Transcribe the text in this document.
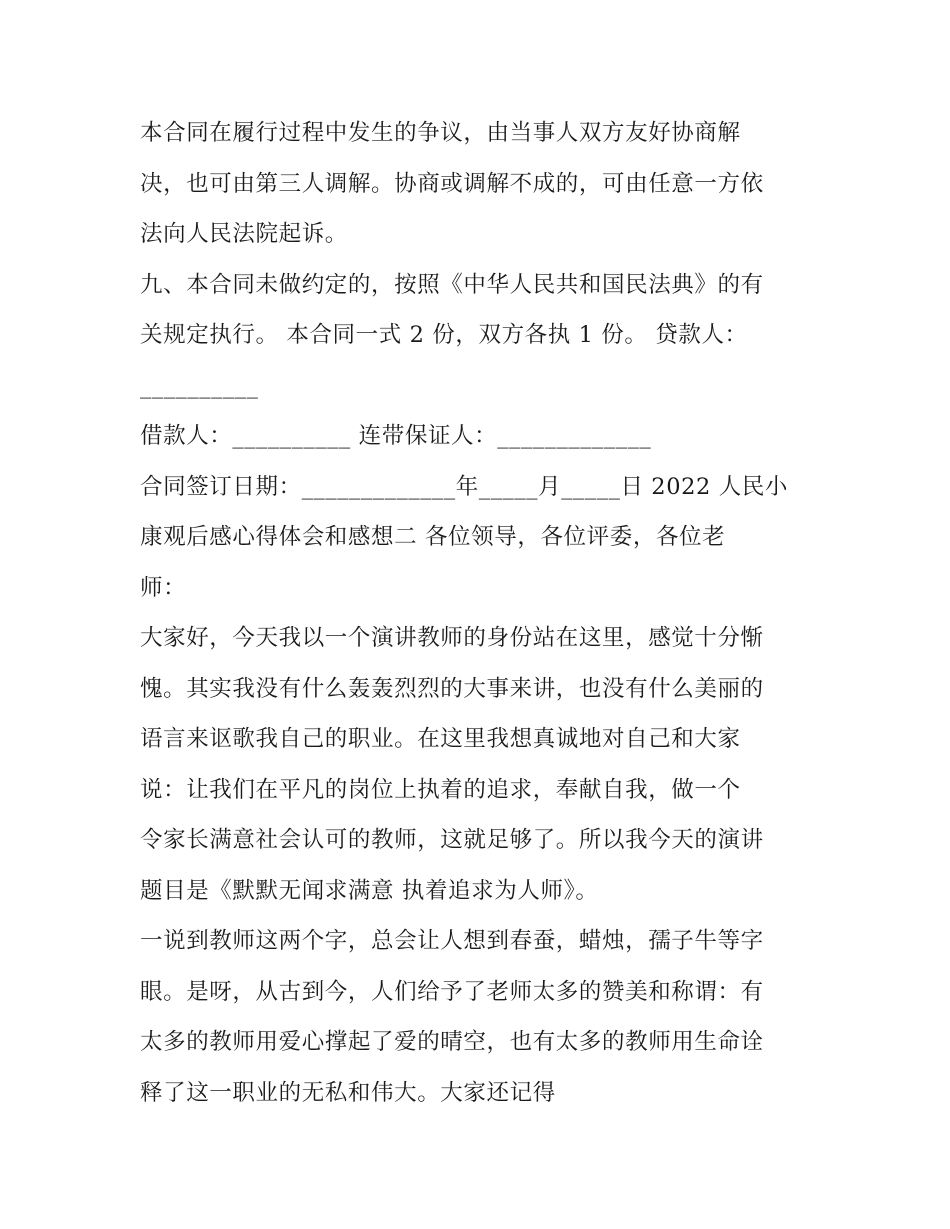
本合同在履行过程中发生的争议，由当事人双方友好协商解
决，也可由第三人调解。协商或调解不成的，可由任意一方依
法向人民法院起诉。
九、本合同未做约定的，按照《中华人民共和国民法典》的有
关规定执行。 本合同一式 2 份，双方各执 1 份。 贷款人：
__________
借款人：__________ 连带保证人：_____________
合同签订日期：_____________年_____月_____日 2022 人民小
康观后感心得体会和感想二 各位领导，各位评委，各位老
师：
大家好，今天我以一个演讲教师的身份站在这里，感觉十分惭
愧。其实我没有什么轰轰烈烈的大事来讲，也没有什么美丽的
语言来讴歌我自己的职业。在这里我想真诚地对自己和大家
说：让我们在平凡的岗位上执着的追求，奉献自我，做一个
令家长满意社会认可的教师，这就足够了。所以我今天的演讲
题目是《默默无闻求满意 执着追求为人师》。
一说到教师这两个字，总会让人想到春蚕，蜡烛，孺子牛等字
眼。是呀，从古到今，人们给予了老师太多的赞美和称谓：有
太多的教师用爱心撑起了爱的晴空，也有太多的教师用生命诠
释了这一职业的无私和伟大。大家还记得
